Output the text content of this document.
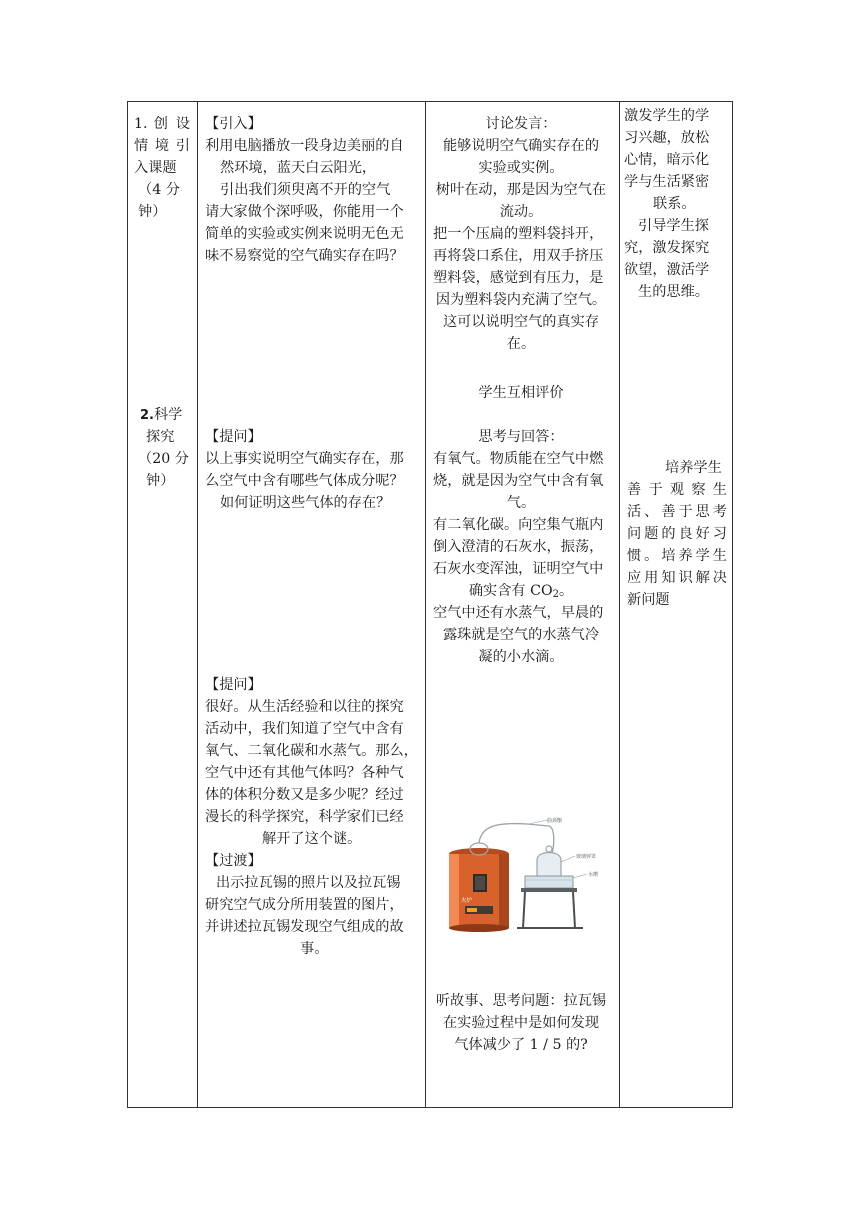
1. 创 设
情 境 引
入课题
（4 分
钟）
2.科学
探究
（20 分
钟）
【引入】
利用电脑播放一段身边美丽的自
然环境，蓝天白云阳光，
引出我们须臾离不开的空气
请大家做个深呼吸，你能用一个
简单的实验或实例来说明无色无
味不易察觉的空气确实存在吗？
【提问】
以上事实说明空气确实存在，那
么空气中含有哪些气体成分呢？
如何证明这些气体的存在？
【提问】
很好。从生活经验和以往的探究
活动中，我们知道了空气中含有
氧气、二氧化碳和水蒸气。那么，
空气中还有其他气体吗？各种气
体的体积分数又是多少呢？经过
漫长的科学探究，科学家们已经
解开了这个谜。
【过渡】
出示拉瓦锡的照片以及拉瓦锡
研究空气成分所用装置的图片，
并讲述拉瓦锡发现空气组成的故
事。
讨论发言：
能够说明空气确实存在的
实验或实例。
树叶在动，那是因为空气在
流动。
把一个压扁的塑料袋抖开，
再将袋口系住，用双手挤压
塑料袋，感觉到有压力，是
因为塑料袋内充满了空气。
这可以说明空气的真实存
在。
学生互相评价
思考与回答：
有氧气。物质能在空气中燃
烧，就是因为空气中含有氧
气。
有二氧化碳。向空集气瓶内
倒入澄清的石灰水，振荡，
石灰水变浑浊，证明空气中
确实含有 $CO_2$。
空气中还有水蒸气，早晨的
露珠就是空气的水蒸气冷
凝的小水滴。
火炉
曲颈甑
玻璃钟罩
水槽
听故事、思考问题：拉瓦锡
在实验过程中是如何发现
气体减少了 1 / 5 的?
激发学生的学
习兴趣，放松
心情，暗示化
学与生活紧密
联系。
引导学生探
究，激发探究
欲望，激活学
生的思维。
培养学生
善于观察生
活、善于思考
问题的良好习
惯。培养学生
应用知识解决
新问题
